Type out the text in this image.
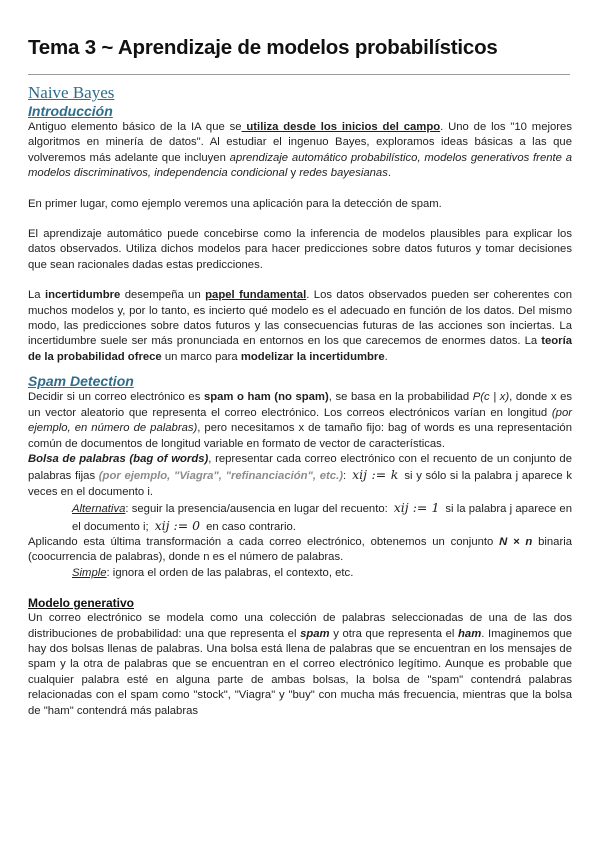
Tema 3 ~ Aprendizaje de modelos probabilísticos
Naive Bayes
Introducción

Antiguo elemento básico de la IA que se utiliza desde los inicios del campo. Uno de los "10 mejores algoritmos en minería de datos". Al estudiar el ingenuo Bayes, exploramos ideas básicas a las que volveremos más adelante que incluyen aprendizaje automático probabilístico, modelos generativos frente a modelos discriminativos, independencia condicional y redes bayesianas.

En primer lugar, como ejemplo veremos una aplicación para la detección de spam.

El aprendizaje automático puede concebirse como la inferencia de modelos plausibles para explicar los datos observados. Utiliza dichos modelos para hacer predicciones sobre datos futuros y tomar decisiones que sean racionales dadas estas predicciones.

La incertidumbre desempeña un papel fundamental. Los datos observados pueden ser coherentes con muchos modelos y, por lo tanto, es incierto qué modelo es el adecuado en función de los datos. Del mismo modo, las predicciones sobre datos futuros y las consecuencias futuras de las acciones son inciertas. La incertidumbre suele ser más pronunciada en entornos en los que carecemos de enormes datos. La teoría de la probabilidad ofrece un marco para modelizar la incertidumbre.

Spam Detection

Decidir si un correo electrónico es spam o ham (no spam), se basa en la probabilidad P(c | x), donde x es un vector aleatorio que representa el correo electrónico. Los correos electrónicos varían en longitud (por ejemplo, en número de palabras), pero necesitamos x de tamaño fijo: bag of words es una representación común de documentos de longitud variable en formato de vector de características.

Bolsa de palabras (bag of words), representar cada correo electrónico con el recuento de un conjunto de palabras fijas (por ejemplo, "Viagra", "refinanciación", etc.): xij := k si y sólo si la palabra j aparece k veces en el documento i.

Alternativa: seguir la presencia/ausencia en lugar del recuento: xij := 1 si la palabra j aparece en el documento i; xij := 0 en caso contrario.

Aplicando esta última transformación a cada correo electrónico, obtenemos un conjunto N × n binaria (coocurrencia de palabras), donde n es el número de palabras.

Simple: ignora el orden de las palabras, el contexto, etc.

Modelo generativo

Un correo electrónico se modela como una colección de palabras seleccionadas de una de las dos distribuciones de probabilidad: una que representa el spam y otra que representa el ham. Imaginemos que hay dos bolsas llenas de palabras. Una bolsa está llena de palabras que se encuentran en los mensajes de spam y la otra de palabras que se encuentran en el correo electrónico legítimo. Aunque es probable que cualquier palabra esté en alguna parte de ambas bolsas, la bolsa de "spam" contendrá palabras relacionadas con el spam como "stock", "Viagra" y "buy" con mucha más frecuencia, mientras que la bolsa de "ham" contendrá más palabras
